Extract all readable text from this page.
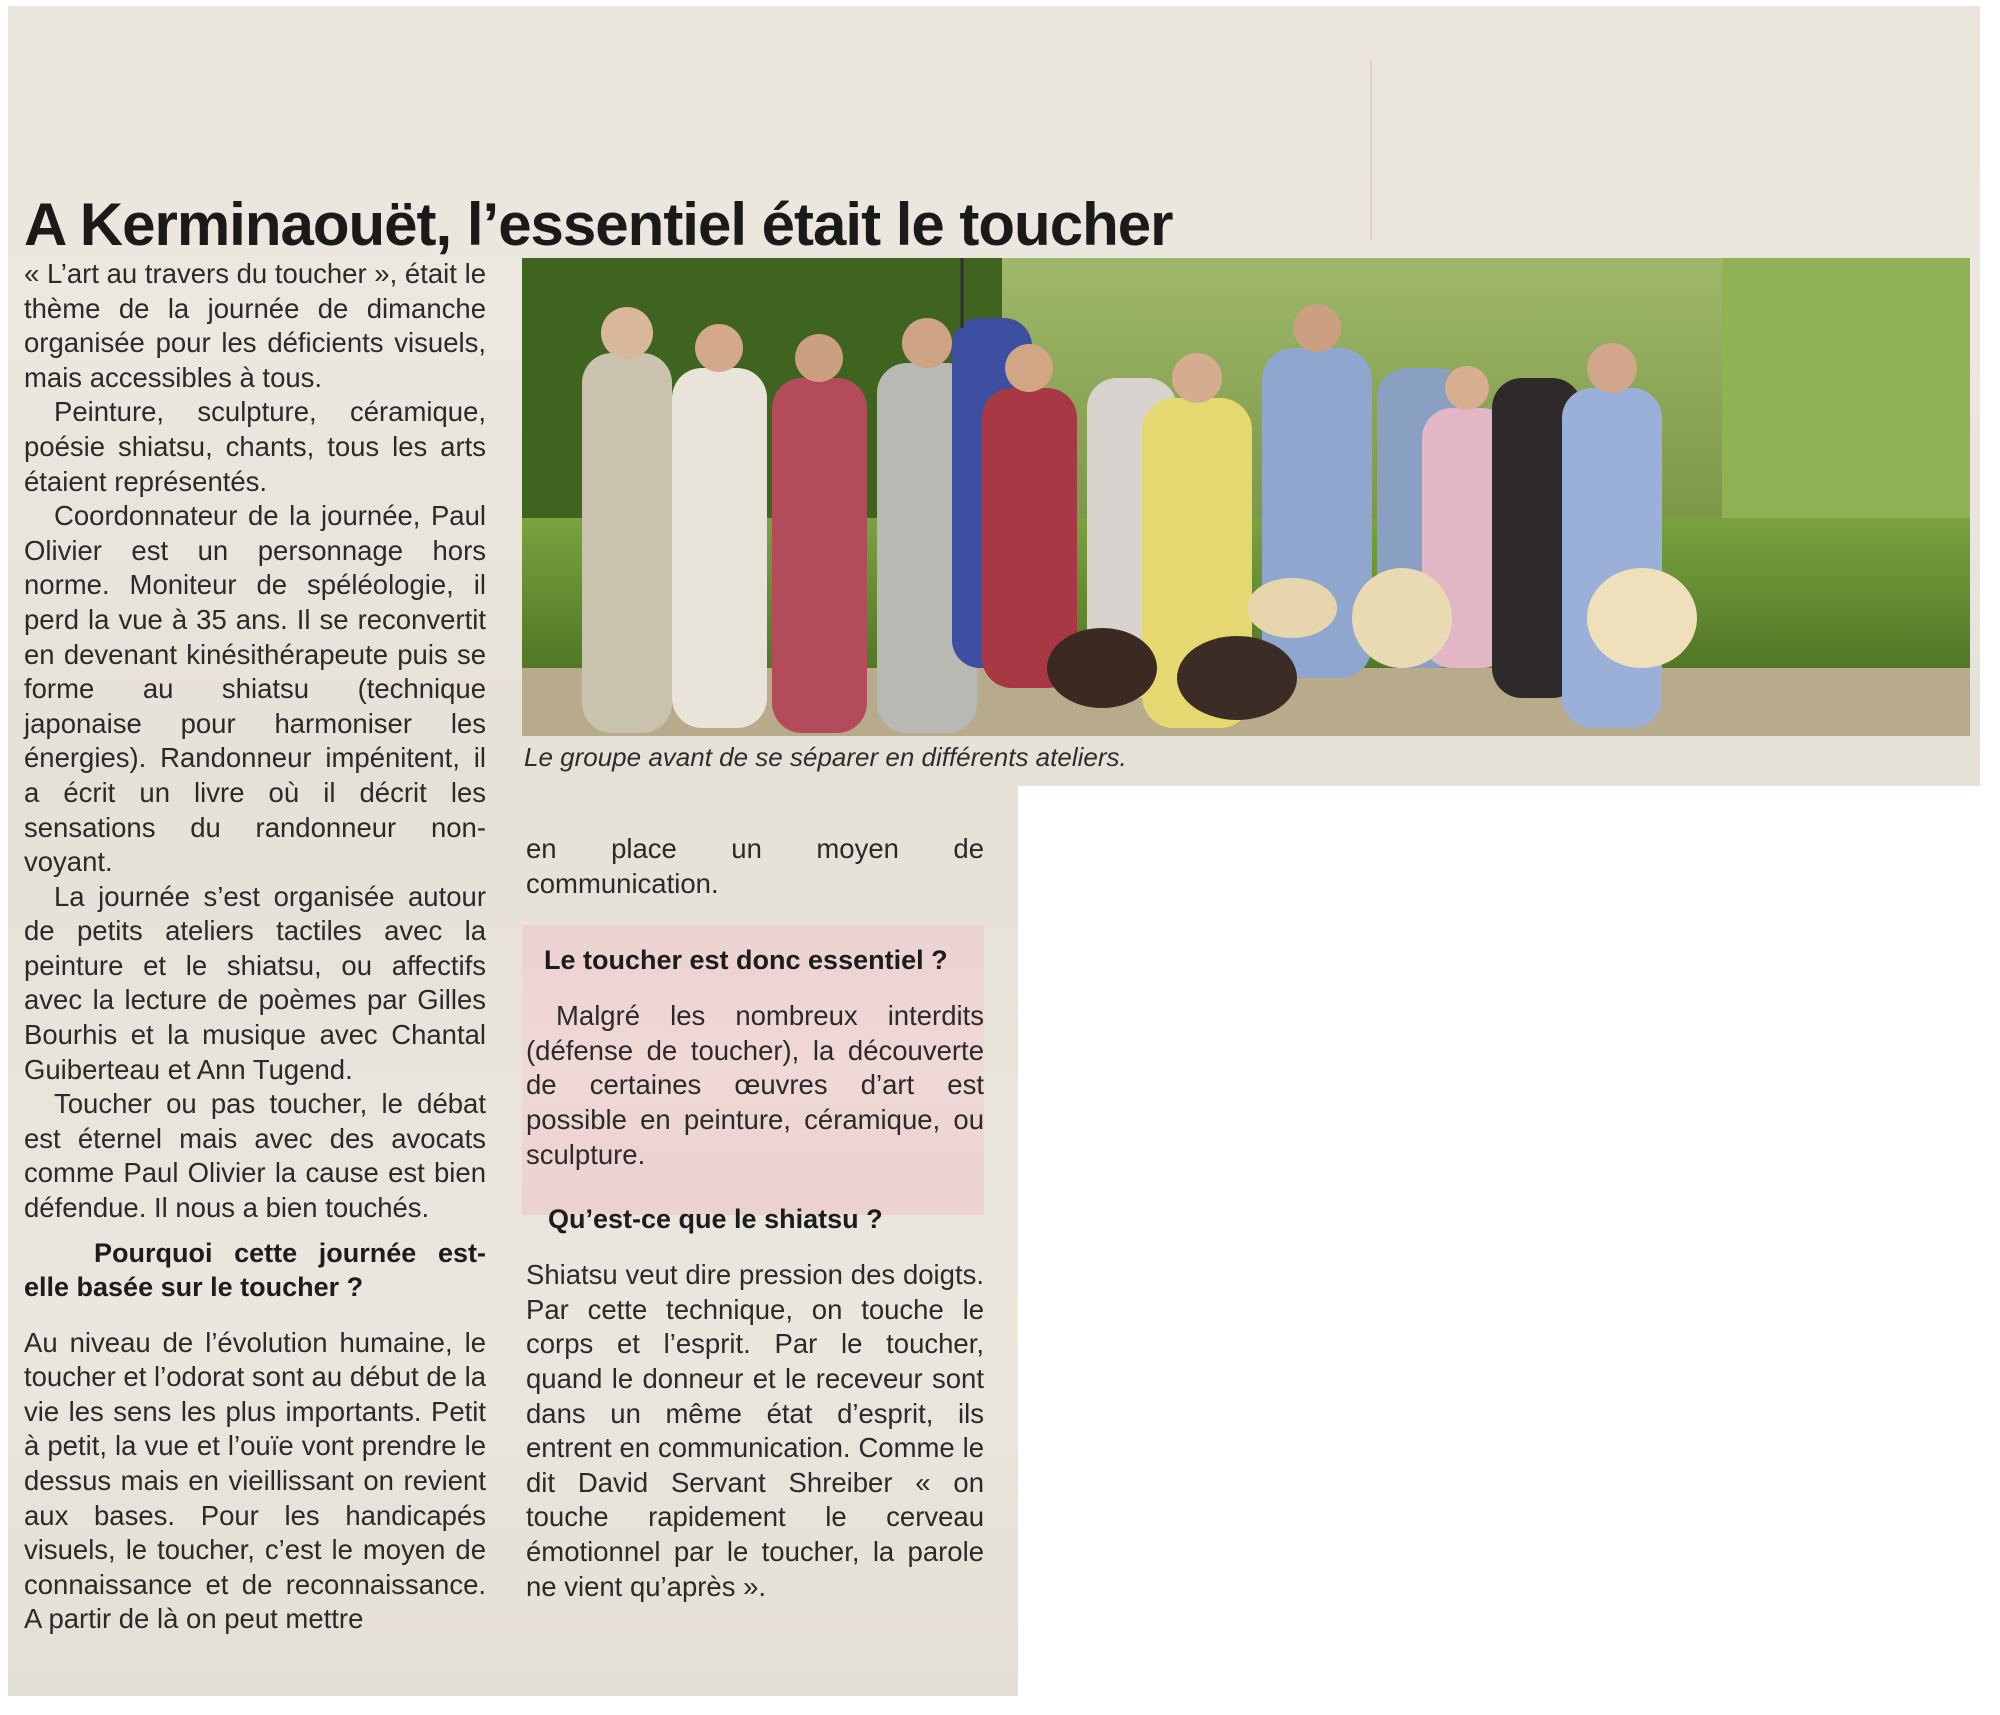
A Kerminaouët, l’essentiel était le toucher
Le groupe avant de se séparer en différents ateliers.

« L’art au travers du toucher », était le thème de la journée de dimanche organisée pour les déficients visuels, mais accessibles à tous.

Peinture, sculpture, céramique, poésie shiatsu, chants, tous les arts étaient représentés.

Coordonnateur de la journée, Paul Olivier est un personnage hors norme. Moniteur de spéléologie, il perd la vue à 35 ans. Il se reconvertit en devenant kinésithérapeute puis se forme au shiatsu (technique japonaise pour harmoniser les énergies). Randonneur impénitent, il a écrit un livre où il décrit les sensations du randonneur non-voyant.

La journée s’est organisée autour de petits ateliers tactiles avec la peinture et le shiatsu, ou affectifs avec la lecture de poèmes par Gilles Bourhis et la musique avec Chantal Guiberteau et Ann Tugend.

Toucher ou pas toucher, le débat est éternel mais avec des avocats comme Paul Olivier la cause est bien défendue. Il nous a bien touchés.

Pourquoi cette journée est-elle basée sur le toucher ?

Au niveau de l’évolution humaine, le toucher et l’odorat sont au début de la vie les sens les plus importants. Petit à petit, la vue et l’ouïe vont prendre le dessus mais en vieillissant on revient aux bases. Pour les handicapés visuels, le toucher, c’est le moyen de connaissance et de reconnaissance. A partir de là on peut mettre

en place un moyen de communication.

Le toucher est donc essentiel ?

Malgré les nombreux interdits (défense de toucher), la découverte de certaines œuvres d’art est possible en peinture, céramique, ou sculpture.

Qu’est-ce que le shiatsu ?

Shiatsu veut dire pression des doigts. Par cette technique, on touche le corps et l’esprit. Par le toucher, quand le donneur et le receveur sont dans un même état d’esprit, ils entrent en communication. Comme le dit David Servant Shreiber « on touche rapidement le cerveau émotionnel par le toucher, la parole ne vient qu’après ».
